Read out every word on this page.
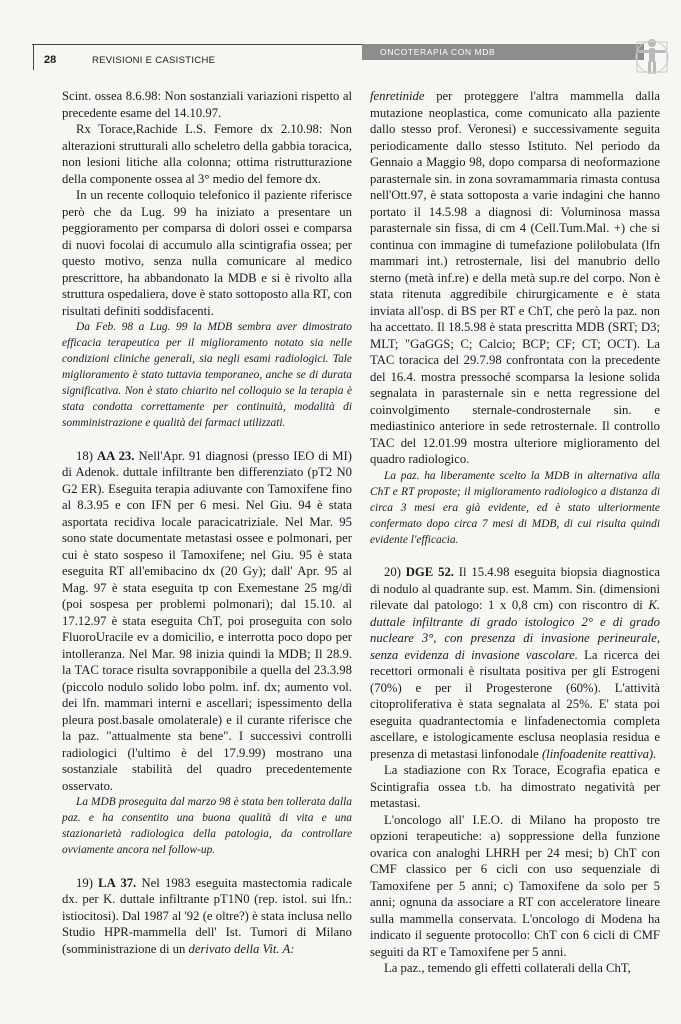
28	REVISIONI E CASISTICHE
ONCOTERAPIA CON MDB

Scint. ossea 8.6.98: Non sostanziali variazioni rispetto al precedente esame del 14.10.97.

Rx Torace,Rachide L.S. Femore dx 2.10.98: Non alterazioni strutturali allo scheletro della gabbia toracica, non lesioni litiche alla colonna; ottima ristrutturazione della componente ossea al 3° medio del femore dx.

In un recente colloquio telefonico il paziente riferisce però che da Lug. 99 ha iniziato a presentare un peggioramento per comparsa di dolori ossei e comparsa di nuovi focolai di accumulo alla scintigrafia ossea; per questo motivo, senza nulla comunicare al medico prescrittore, ha abbandonato la MDB e si è rivolto alla struttura ospedaliera, dove è stato sottoposto alla RT, con risultati definiti soddisfacenti.

Da Feb. 98 a Lug. 99 la MDB sembra aver dimostrato efficacia terapeutica per il miglioramento notato sia nelle condizioni cliniche generali, sia negli esami radiologici. Tale miglioramento è stato tuttavia temporaneo, anche se di durata significativa. Non è stato chiarito nel colloquio se la terapia è stata condotta correttamente per continuità, modalità di somministrazione e qualità dei farmaci utilizzati.

18) AA 23. Nell'Apr. 91 diagnosi (presso IEO di MI) di Adenok. duttale infiltrante ben differenziato (pT2 N0 G2 ER). Eseguita terapia adiuvante con Tamoxifene fino al 8.3.95 e con IFN per 6 mesi. Nel Giu. 94 è stata asportata recidiva locale paracicatriziale. Nel Mar. 95 sono state documentate metastasi ossee e polmonari, per cui è stato sospeso il Tamoxifene; nel Giu. 95 è stata eseguita RT all'emibacino dx (20 Gy); dall' Apr. 95 al Mag. 97 è stata eseguita tp con Exemestane 25 mg/dì (poi sospesa per problemi polmonari); dal 15.10. al 17.12.97 è stata eseguita ChT, poi proseguita con solo FluoroUracile ev a domicilio, e interrotta poco dopo per intolleranza. Nel Mar. 98 inizia quindi la MDB; Il 28.9. la TAC torace risulta sovrapponibile a quella del 23.3.98 (piccolo nodulo solido lobo polm. inf. dx; aumento vol. dei lfn. mammari interni e ascellari; ispessimento della pleura post.basale omolaterale) e il curante riferisce che la paz. "attualmente sta bene". I successivi controlli radiologici (l'ultimo è del 17.9.99) mostrano una sostanziale stabilità del quadro precedentemente osservato.

La MDB proseguita dal marzo 98 è stata ben tollerata dalla paz. e ha consentito una buona qualità di vita e una stazionarietà radiologica della patologia, da controllare ovviamente ancora nel follow-up.

19) LA 37. Nel 1983 eseguita mastectomia radicale dx. per K. duttale infiltrante pT1N0 (rep. istol. sui lfn.: istiocitosi). Dal 1987 al '92 (e oltre?) è stata inclusa nello Studio HPR-mammella dell' Ist. Tumori di Milano (somministrazione di un derivato della Vit. A:

fenretinide per proteggere l'altra mammella dalla mutazione neoplastica, come comunicato alla paziente dallo stesso prof. Veronesi) e successivamente seguita periodicamente dallo stesso Istituto. Nel periodo da Gennaio a Maggio 98, dopo comparsa di neoformazione parasternale sin. in zona sovramammaria rimasta contusa nell'Ott.97, è stata sottoposta a varie indagini che hanno portato il 14.5.98 a diagnosi di: Voluminosa massa parasternale sin fissa, di cm 4 (Cell.Tum.Mal. +) che si continua con immagine di tumefazione polilobulata (lfn mammari int.) retrosternale, lisi del manubrio dello sterno (metà inf.re) e della metà sup.re del corpo. Non è stata ritenuta aggredibile chirurgicamente e è stata inviata all'osp. di BS per RT e ChT, che però la paz. non ha accettato. Il 18.5.98 è stata prescritta MDB (SRT; D3; MLT; "GaGGS; C; Calcio; BCP; CF; CT; OCT). La TAC toracica del 29.7.98 confrontata con la precedente del 16.4. mostra pressoché scomparsa la lesione solida segnalata in parasternale sin e netta regressione del coinvolgimento sternale-condrosternale sin. e mediastinico anteriore in sede retrosternale. Il controllo TAC del 12.01.99 mostra ulteriore miglioramento del quadro radiologico.

La paz. ha liberamente scelto la MDB in alternativa alla ChT e RT proposte; il miglioramento radiologico a distanza di circa 3 mesi era già evidente, ed è stato ulteriormente confermato dopo circa 7 mesi di MDB, di cui risulta quindi evidente l'efficacia.

20) DGE 52. Il 15.4.98 eseguita biopsia diagnostica di nodulo al quadrante sup. est. Mamm. Sin. (dimensioni rilevate dal patologo: 1 x 0,8 cm) con riscontro di K. duttale infiltrante di grado istologico 2° e di grado nucleare 3°, con presenza di invasione perineurale, senza evidenza di invasione vascolare. La ricerca dei recettori ormonali è risultata positiva per gli Estrogeni (70%) e per il Progesterone (60%). L'attività citoproliferativa è stata segnalata al 25%. E' stata poi eseguita quadrantectomia e linfadenectomia completa ascellare, e istologicamente esclusa neoplasia residua e presenza di metastasi linfonodale (linfoadenite reattiva).

La stadiazione con Rx Torace, Ecografia epatica e Scintigrafia ossea t.b. ha dimostrato negatività per metastasi.

L'oncologo all' I.E.O. di Milano ha proposto tre opzioni terapeutiche: a) soppressione della funzione ovarica con analoghi LHRH per 24 mesi; b) ChT con CMF classico per 6 cicli con uso sequenziale di Tamoxifene per 5 anni; c) Tamoxifene da solo per 5 anni; ognuna da associare a RT con acceleratore lineare sulla mammella conservata. L'oncologo di Modena ha indicato il seguente protocollo: ChT con 6 cicli di CMF seguiti da RT e Tamoxifene per 5 anni.

La paz., temendo gli effetti collaterali della ChT,
